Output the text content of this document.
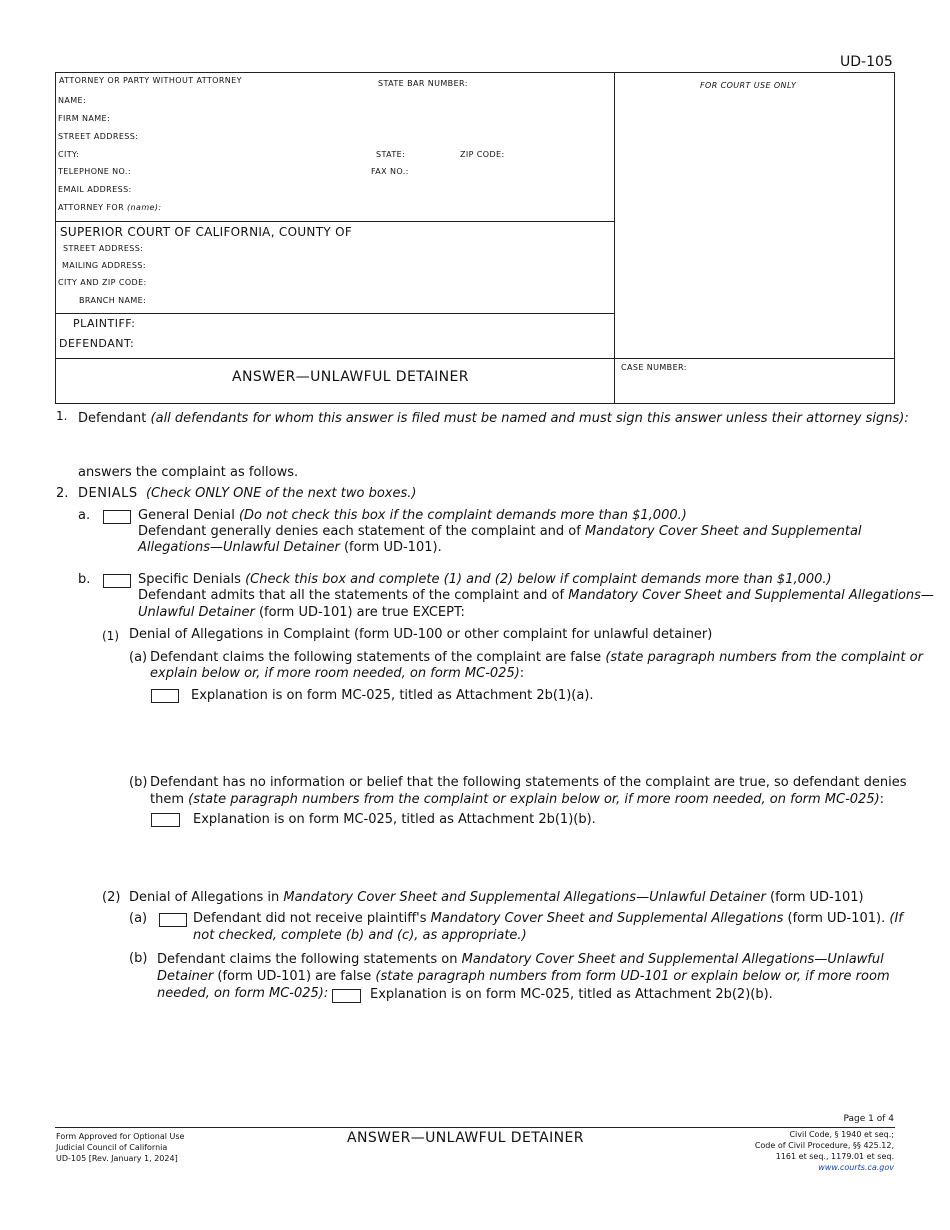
UD-105
ATTORNEY OR PARTY WITHOUT ATTORNEY	STATE BAR NUMBER:	FOR COURT USE ONLY
NAME:
FIRM NAME:
STREET ADDRESS:
CITY:	STATE:	ZIP CODE:
TELEPHONE NO.:	FAX NO.:
EMAIL ADDRESS:
ATTORNEY FOR (name):
SUPERIOR COURT OF CALIFORNIA, COUNTY OF
STREET ADDRESS:
MAILING ADDRESS:
CITY AND ZIP CODE:
BRANCH NAME:
PLAINTIFF:
DEFENDANT:
ANSWER—UNLAWFUL DETAINER
CASE NUMBER:
1. Defendant (all defendants for whom this answer is filed must be named and must sign this answer unless their attorney signs):
answers the complaint as follows.
2. DENIALS (Check ONLY ONE of the next two boxes.)
a.	General Denial (Do not check this box if the complaint demands more than $1,000.)
Defendant generally denies each statement of the complaint and of Mandatory Cover Sheet and Supplemental
Allegations—Unlawful Detainer (form UD-101).
b.	Specific Denials (Check this box and complete (1) and (2) below if complaint demands more than $1,000.)
Defendant admits that all the statements of the complaint and of Mandatory Cover Sheet and Supplemental Allegations—
Unlawful Detainer (form UD-101) are true EXCEPT:
(1) Denial of Allegations in Complaint (form UD-100 or other complaint for unlawful detainer)
(a) Defendant claims the following statements of the complaint are false (state paragraph numbers from the complaint or
explain below or, if more room needed, on form MC-025):
Explanation is on form MC-025, titled as Attachment 2b(1)(a).
(b) Defendant has no information or belief that the following statements of the complaint are true, so defendant denies
them (state paragraph numbers from the complaint or explain below or, if more room needed, on form MC-025):
Explanation is on form MC-025, titled as Attachment 2b(1)(b).
(2) Denial of Allegations in Mandatory Cover Sheet and Supplemental Allegations—Unlawful Detainer (form UD-101)
(a)	Defendant did not receive plaintiff's Mandatory Cover Sheet and Supplemental Allegations (form UD-101). (If
not checked, complete (b) and (c), as appropriate.)
(b) Defendant claims the following statements on Mandatory Cover Sheet and Supplemental Allegations—Unlawful
Detainer (form UD-101) are false (state paragraph numbers from form UD-101 or explain below or, if more room
needed, on form MC-025):	Explanation is on form MC-025, titled as Attachment 2b(2)(b).
Page 1 of 4
Form Approved for Optional Use
Judicial Council of California
UD-105 [Rev. January 1, 2024]
ANSWER—UNLAWFUL DETAINER	Civil Code, § 1940 et seq.;
Code of Civil Procedure, §§ 425.12,
1161 et seq., 1179.01 et seq.
www.courts.ca.gov
